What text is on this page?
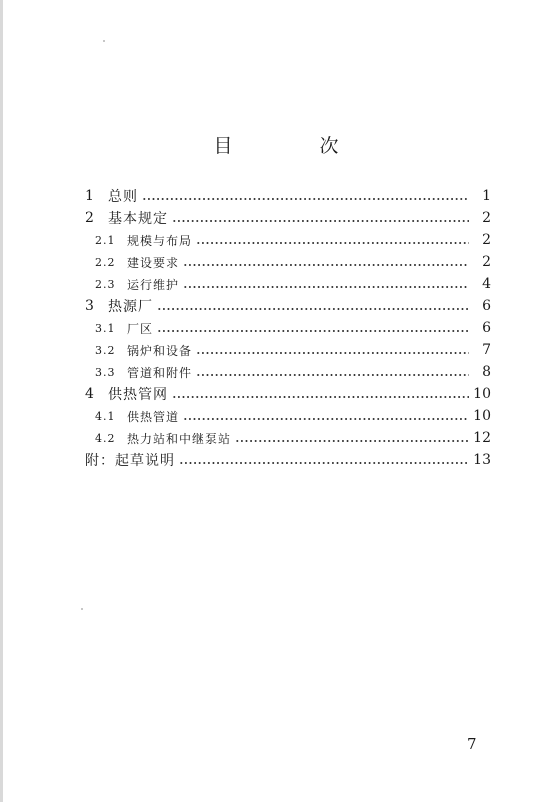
目　次
1	总则	1
2	基本规定	2
2.1 规模与布局	2
2.2 建设要求	2
2.3 运行维护	4
3	热源厂	6
3.1 厂区	6
3.2 锅炉和设备	7
3.3 管道和附件	8
4	供热管网	10
4.1 供热管道	10
4.2 热力站和中继泵站	12
附：起草说明	13
7
